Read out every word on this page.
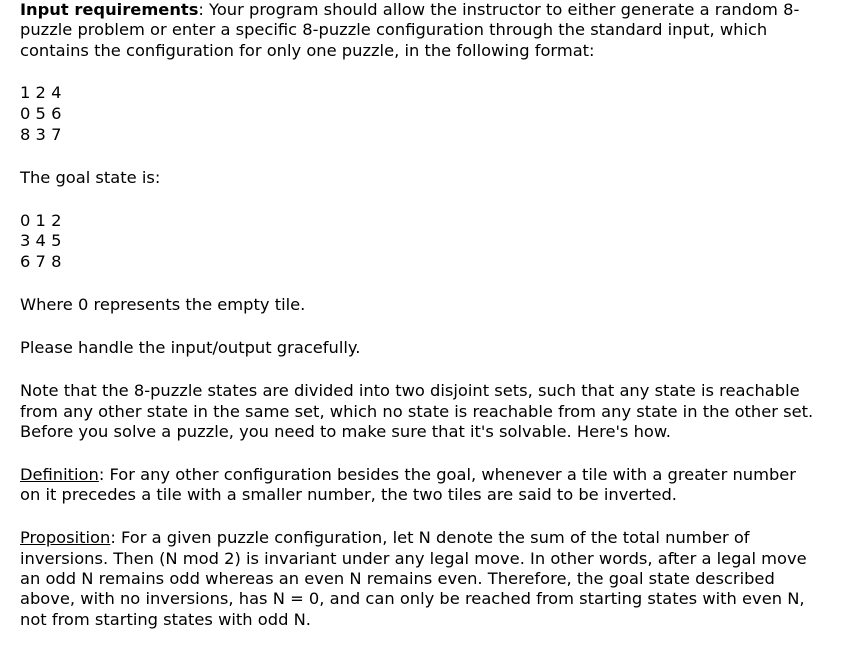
Input requirements: Your program should allow the instructor to either generate a random 8-puzzle problem or enter a specific 8-puzzle configuration through the standard input, which contains the configuration for only one puzzle, in the following format:

1 2 4
0 5 6
8 3 7

The goal state is:

0 1 2
3 4 5
6 7 8

Where 0 represents the empty tile.

Please handle the input/output gracefully.

Note that the 8-puzzle states are divided into two disjoint sets, such that any state is reachable from any other state in the same set, which no state is reachable from any state in the other set. Before you solve a puzzle, you need to make sure that it's solvable. Here's how.

Definition: For any other configuration besides the goal, whenever a tile with a greater number on it precedes a tile with a smaller number, the two tiles are said to be inverted.

Proposition: For a given puzzle configuration, let N denote the sum of the total number of inversions. Then (N mod 2) is invariant under any legal move. In other words, after a legal move an odd N remains odd whereas an even N remains even. Therefore, the goal state described above, with no inversions, has N = 0, and can only be reached from starting states with even N, not from starting states with odd N.
